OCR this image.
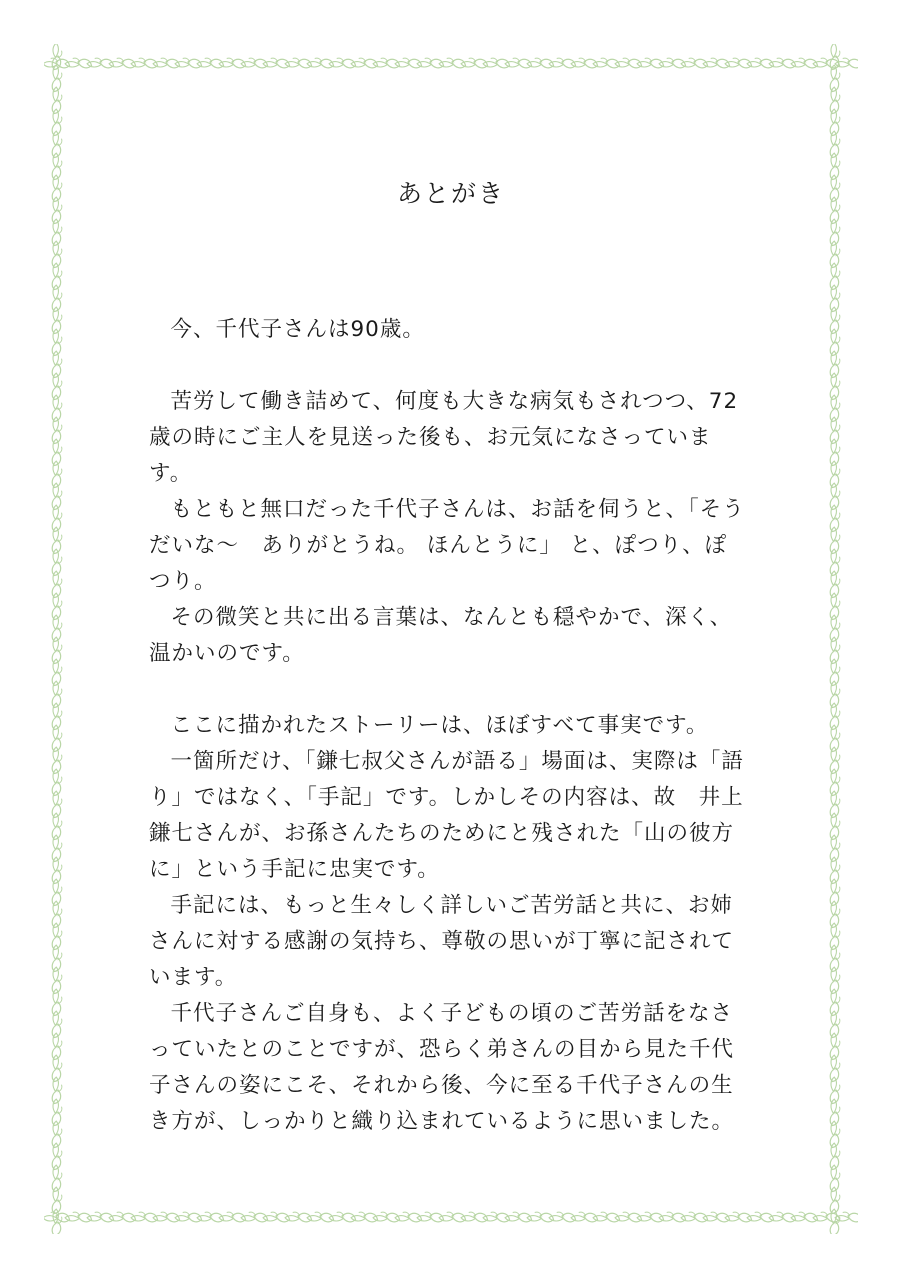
あとがき

今、千代子さんは90歳。

苦労して働き詰めて、何度も大きな病気もされつつ、72歳の時にご主人を見送った後も、お元気になさっています。

もともと無口だった千代子さんは、お話を伺うと、「そうだいな〜　ありがとうね。 ほんとうに」 と、ぽつり、ぽつり。

その微笑と共に出る言葉は、なんとも穏やかで、深く、温かいのです。

ここに描かれたストーリーは、ほぼすべて事実です。

一箇所だけ、「鎌七叔父さんが語る」場面は、実際は「語り」ではなく、「手記」です。しかしその内容は、故　井上鎌七さんが、お孫さんたちのためにと残された「山の彼方に」という手記に忠実です。

手記には、もっと生々しく詳しいご苦労話と共に、お姉さんに対する感謝の気持ち、尊敬の思いが丁寧に記されています。

千代子さんご自身も、よく子どもの頃のご苦労話をなさっていたとのことですが、恐らく弟さんの目から見た千代子さんの姿にこそ、それから後、今に至る千代子さんの生き方が、しっかりと織り込まれているように思いました。
